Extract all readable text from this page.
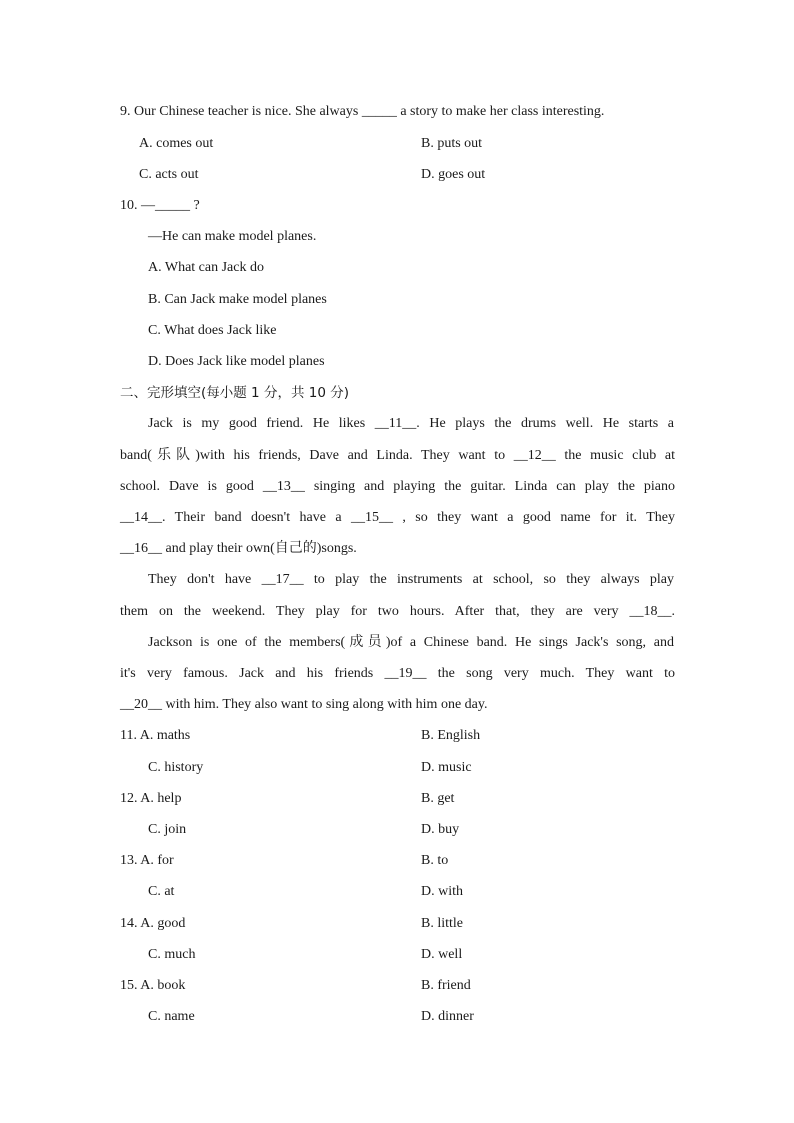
9. Our Chinese teacher is nice. She always _____ a story to make her class interesting.
A. comes out	B. puts out
C. acts out	D. goes out
10. —_____ ?
—He can make model planes.
A. What can Jack do
B. Can Jack make model planes
C. What does Jack like
D. Does Jack like model planes
二、完形填空(每小题 1 分，共 10 分)
Jack is my good friend. He likes __11__. He plays the drums well. He starts a
band(乐队)with his friends, Dave and Linda. They want to __12__ the music club at
school. Dave is good __13__ singing and playing the guitar. Linda can play the piano
__14__. Their band doesn't have a __15__ , so they want a good name for it. They
__16__ and play their own(自己的)songs.
They don't have __17__ to play the instruments at school, so they always play
them on the weekend. They play for two hours. After that, they are very __18__.
Jackson is one of the members(成员)of a Chinese band. He sings Jack's song, and
it's very famous. Jack and his friends __19__ the song very much. They want to
__20__ with him. They also want to sing along with him one day.
11. A. maths	B. English
C. history	D. music
12. A. help	B. get
C. join	D. buy
13. A. for	B. to
C. at	D. with
14. A. good	B. little
C. much	D. well
15. A. book	B. friend
C. name	D. dinner
